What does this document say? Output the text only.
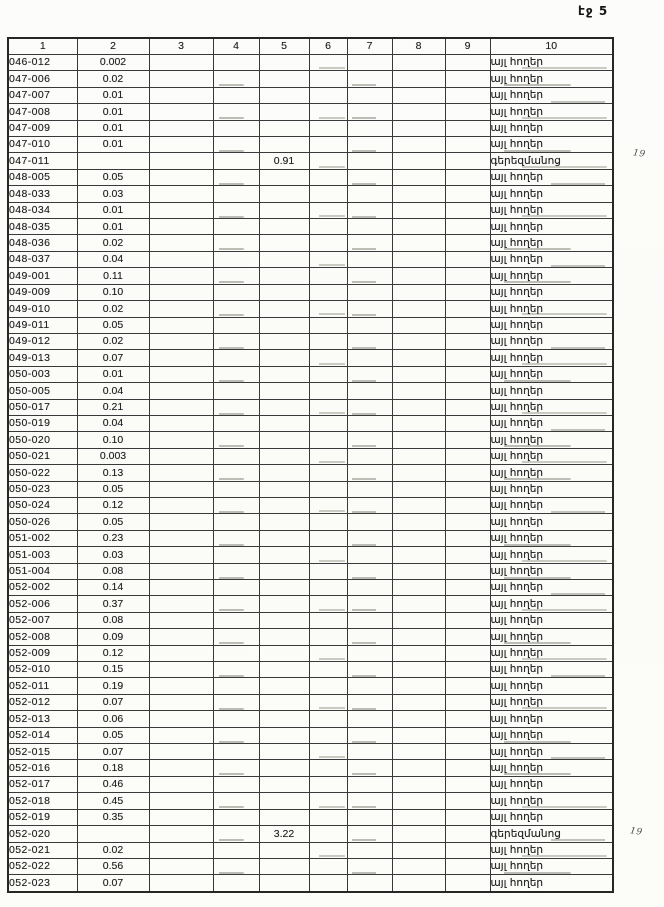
էջ 5
1	2	3	4	5	6	7	8	9	10
046-012	0.002								այլ հողեր
047-006	0.02								այլ հողեր
047-007	0.01								այլ հողեր
047-008	0.01								այլ հողեր
047-009	0.01								այլ հողեր
047-010	0.01								այլ հողեր
047-011				0.91					գերեզմանոց
048-005	0.05								այլ հողեր
048-033	0.03								այլ հողեր
048-034	0.01								այլ հողեր
048-035	0.01								այլ հողեր
048-036	0.02								այլ հողեր
048-037	0.04								այլ հողեր
049-001	0.11								այլ հողեր
049-009	0.10								այլ հողեր
049-010	0.02								այլ հողեր
049-011	0.05								այլ հողեր
049-012	0.02								այլ հողեր
049-013	0.07								այլ հողեր
050-003	0.01								այլ հողեր
050-005	0.04								այլ հողեր
050-017	0.21								այլ հողեր
050-019	0.04								այլ հողեր
050-020	0.10								այլ հողեր
050-021	0.003								այլ հողեր
050-022	0.13								այլ հողեր
050-023	0.05								այլ հողեր
050-024	0.12								այլ հողեր
050-026	0.05								այլ հողեր
051-002	0.23								այլ հողեր
051-003	0.03								այլ հողեր
051-004	0.08								այլ հողեր
052-002	0.14								այլ հողեր
052-006	0.37								այլ հողեր
052-007	0.08								այլ հողեր
052-008	0.09								այլ հողեր
052-009	0.12								այլ հողեր
052-010	0.15								այլ հողեր
052-011	0.19								այլ հողեր
052-012	0.07								այլ հողեր
052-013	0.06								այլ հողեր
052-014	0.05								այլ հողեր
052-015	0.07								այլ հողեր
052-016	0.18								այլ հողեր
052-017	0.46								այլ հողեր
052-018	0.45								այլ հողեր
052-019	0.35								այլ հողեր
052-020				3.22					գերեզմանոց
052-021	0.02								այլ հողեր
052-022	0.56								այլ հողեր
052-023	0.07								այլ հողեր
19
19
